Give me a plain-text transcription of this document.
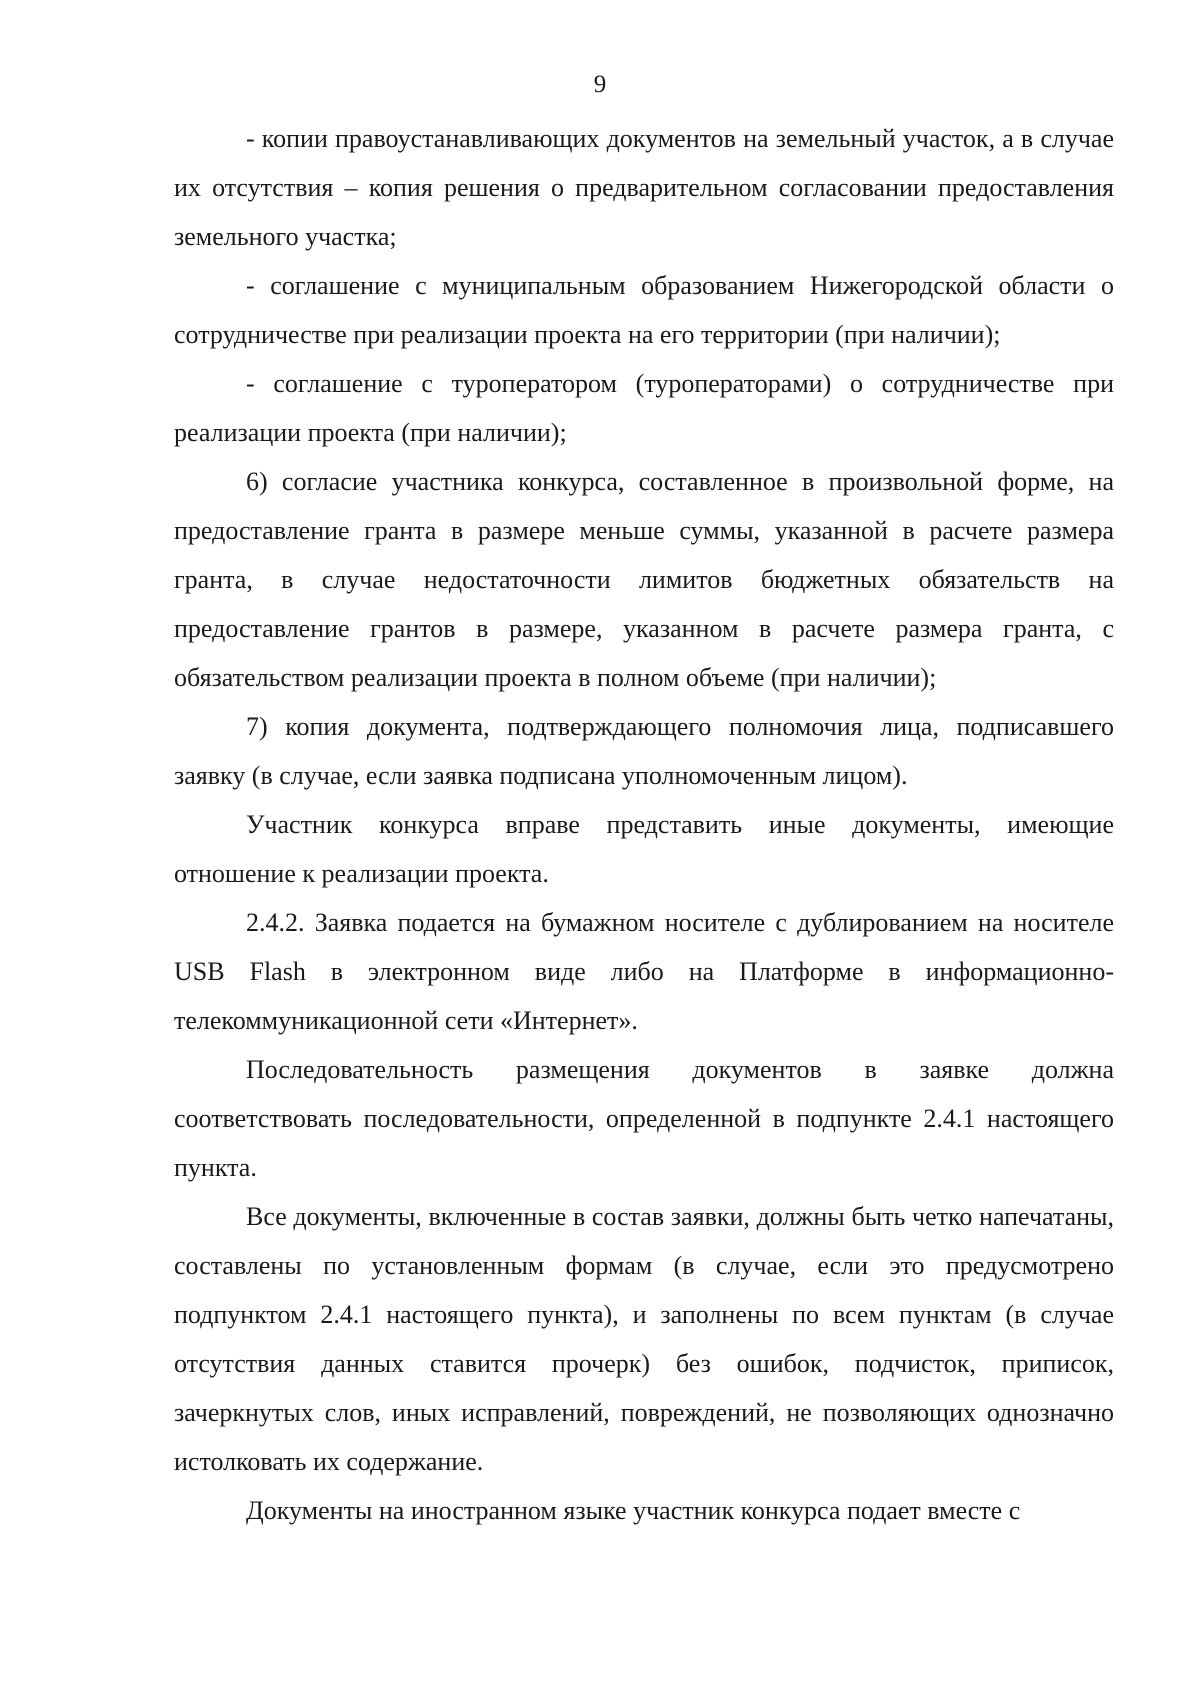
9

- копии правоустанавливающих документов на земельный участок, а в случае их отсутствия – копия решения о предварительном согласовании предоставления земельного участка;

- соглашение с муниципальным образованием Нижегородской области о сотрудничестве при реализации проекта на его территории (при наличии);

- соглашение с туроператором (туроператорами) о сотрудничестве при реализации проекта (при наличии);

6) согласие участника конкурса, составленное в произвольной форме, на предоставление гранта в размере меньше суммы, указанной в расчете размера гранта, в случае недостаточности лимитов бюджетных обязательств на предоставление грантов в размере, указанном в расчете размера гранта, с обязательством реализации проекта в полном объеме (при наличии);

7) копия документа, подтверждающего полномочия лица, подписавшего заявку (в случае, если заявка подписана уполномоченным лицом).

Участник конкурса вправе представить иные документы, имеющие отношение к реализации проекта.

2.4.2. Заявка подается на бумажном носителе с дублированием на носителе USB Flash в электронном виде либо на Платформе в информационно-телекоммуникационной сети «Интернет».

Последовательность размещения документов в заявке должна соответствовать последовательности, определенной в подпункте 2.4.1 настоящего пункта.

Все документы, включенные в состав заявки, должны быть четко напечатаны, составлены по установленным формам (в случае, если это предусмотрено подпунктом 2.4.1 настоящего пункта), и заполнены по всем пунктам (в случае отсутствия данных ставится прочерк) без ошибок, подчисток, приписок, зачеркнутых слов, иных исправлений, повреждений, не позволяющих однозначно истолковать их содержание.

Документы на иностранном языке участник конкурса подает вместе с
